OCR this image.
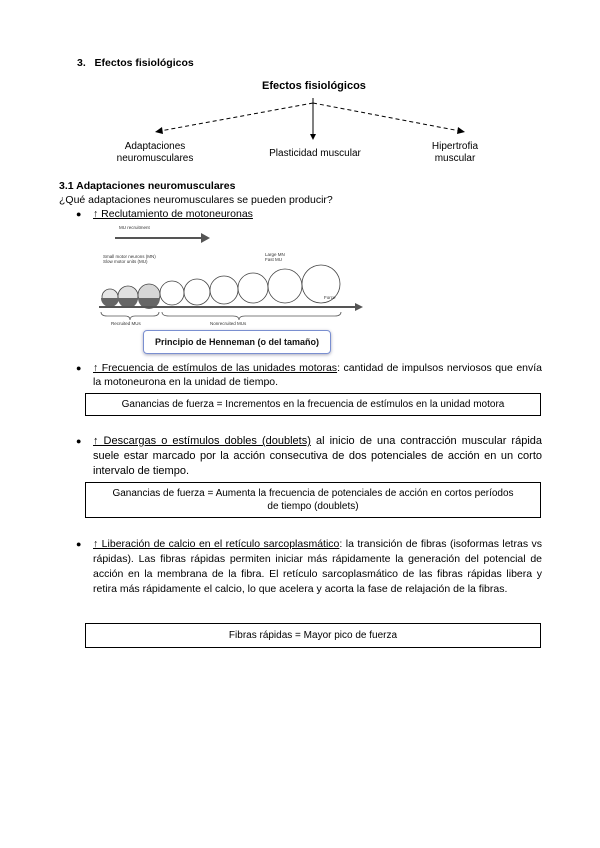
3. Efectos fisiológicos
Efectos fisiológicos
Adaptaciones
neuromusculares	Plasticidad muscular
Hipertrofia
muscular
3.1 Adaptaciones neuromusculares
¿Qué adaptaciones neuromusculares se pueden producir?
● ↑ Reclutamiento de motoneuronas
MU recruitment
Small motor neurons (MN)
Slow motor units (MU)
Large MN
Fast MU
Force
Recruited MUs	Nonrecruited MUs
Principio de Henneman (o del tamaño)
● ↑ Frecuencia de estímulos de las unidades motoras: cantidad de impulsos nerviosos que envía la motoneurona en la unidad de tiempo.
Ganancias de fuerza = Incrementos en la frecuencia de estímulos en la unidad motora
● ↑ Descargas o estímulos dobles (doublets) al inicio de una contracción muscular rápida suele estar marcado por la acción consecutiva de dos potenciales de acción en un corto intervalo de tiempo.
Ganancias de fuerza = Aumenta la frecuencia de potenciales de acción en cortos períodos de tiempo (doublets)
● ↑ Liberación de calcio en el retículo sarcoplasmático: la transición de fibras (isoformas letras vs rápidas). Las fibras rápidas permiten iniciar más rápidamente la generación del potencial de acción en la membrana de la fibra. El retículo sarcoplasmático de las fibras rápidas libera y retira más rápidamente el calcio, lo que acelera y acorta la fase de relajación de la fibras.
Fibras rápidas = Mayor pico de fuerza
